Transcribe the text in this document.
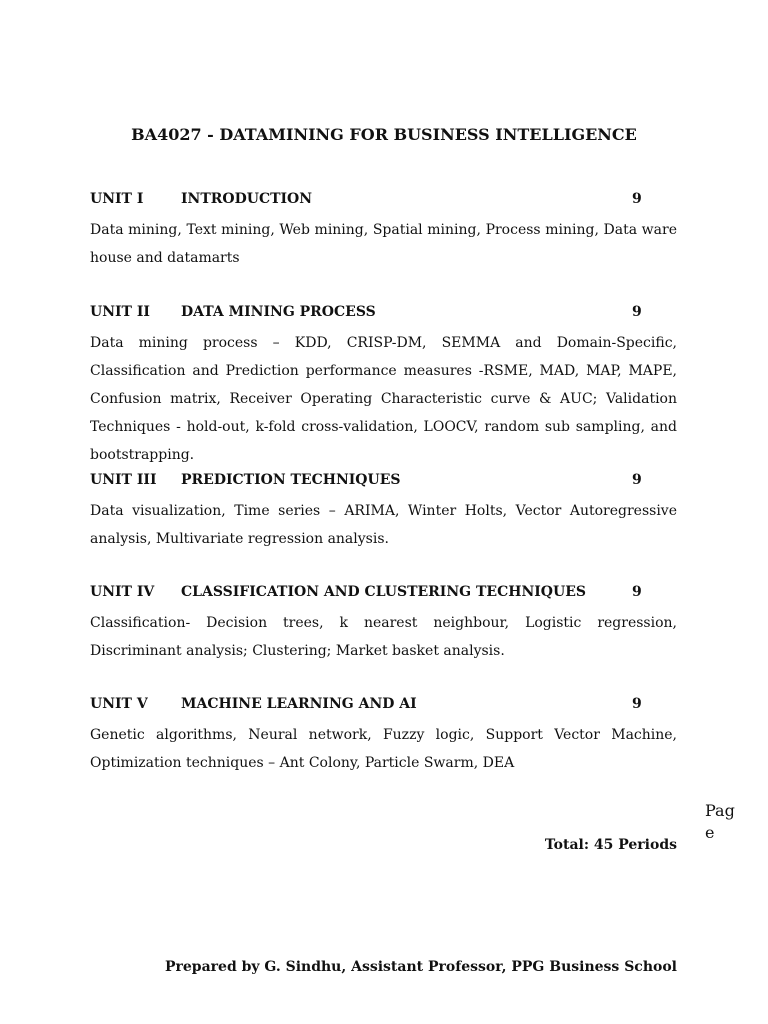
BA4027 - DATAMINING FOR BUSINESS INTELLIGENCE
UNIT I	INTRODUCTION	9

Data mining, Text mining, Web mining, Spatial mining, Process mining, Data ware house and datamarts

UNIT II DATA MINING PROCESS	9

Data mining process – KDD, CRISP-DM, SEMMA and Domain-Specific, Classification and Prediction performance measures -RSME, MAD, MAP, MAPE, Confusion matrix, Receiver Operating Characteristic curve & AUC; Validation Techniques - hold-out, k-fold cross-validation, LOOCV, random sub sampling, and bootstrapping.

UNIT III PREDICTION TECHNIQUES	9

Data visualization, Time series – ARIMA, Winter Holts, Vector Autoregressive analysis, Multivariate regression analysis.

UNIT IV CLASSIFICATION AND CLUSTERING TECHNIQUES	9

Classification- Decision trees, k nearest neighbour, Logistic regression, Discriminant analysis; Clustering; Market basket analysis.

UNIT V MACHINE LEARNING AND AI	9

Genetic algorithms, Neural network, Fuzzy logic, Support Vector Machine, Optimization techniques – Ant Colony, Particle Swarm, DEA

Page
Total: 45 Periods
Prepared by G. Sindhu, Assistant Professor, PPG Business School
